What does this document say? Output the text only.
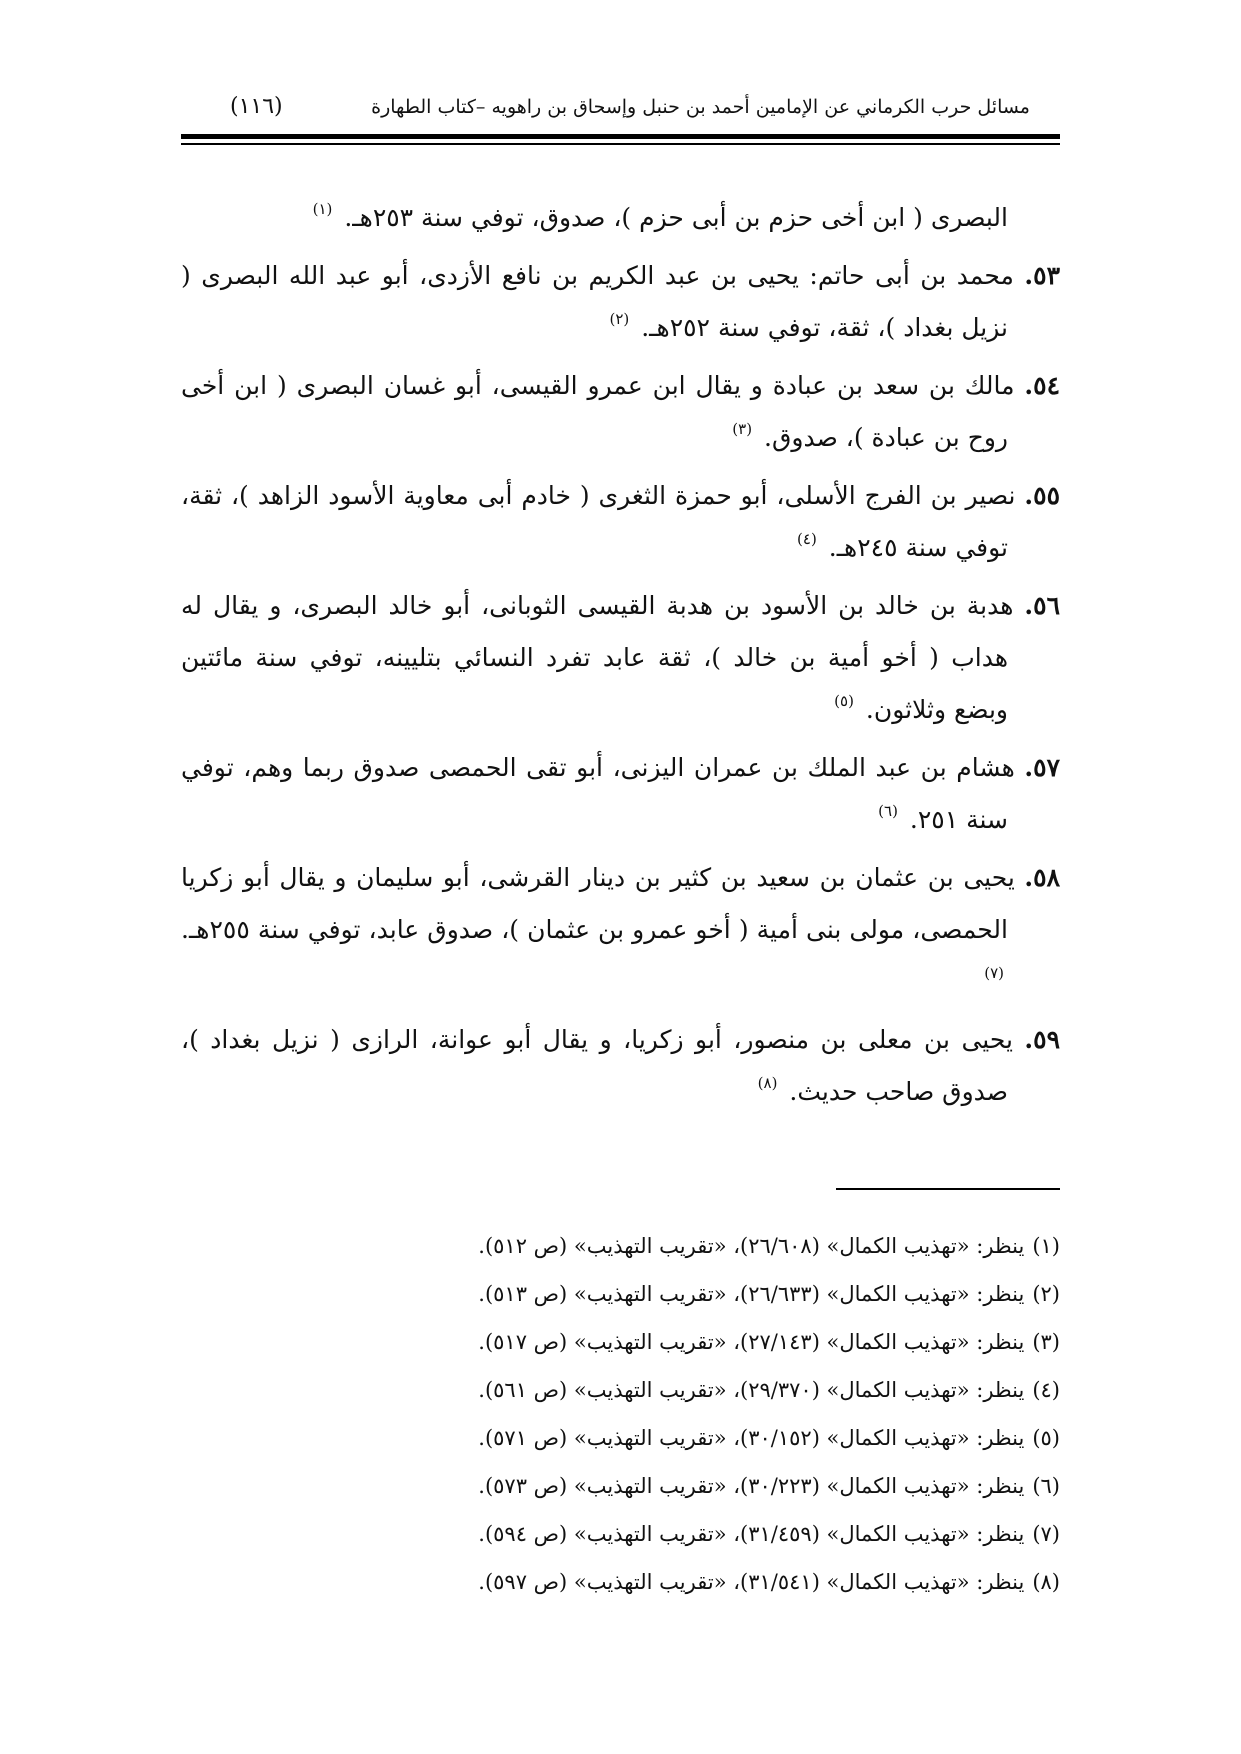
مسائل حرب الكرماني عن الإمامين أحمد بن حنبل وإسحاق بن راهويه –كتاب الطهارة
(١١٦)

البصرى ( ابن أخى حزم بن أبى حزم )، صدوق، توفي سنة ٢٥٣هـ. $^{(١)}$

٥٣. محمد بن أبى حاتم: يحيى بن عبد الكريم بن نافع الأزدى، أبو عبد الله البصرى ( نزيل بغداد )، ثقة، توفي سنة ٢٥٢هـ. $^{(٢)}$

٥٤. مالك بن سعد بن عبادة و يقال ابن عمرو القيسى، أبو غسان البصرى ( ابن أخى روح بن عبادة )، صدوق. $^{(٣)}$

٥٥. نصير بن الفرج الأسلى، أبو حمزة الثغرى ( خادم أبى معاوية الأسود الزاهد )، ثقة، توفي سنة ٢٤٥هـ. $^{(٤)}$

٥٦. هدبة بن خالد بن الأسود بن هدبة القيسى الثوبانى، أبو خالد البصرى، و يقال له هداب ( أخو أمية بن خالد )، ثقة عابد تفرد النسائي بتليينه، توفي سنة مائتين وبضع وثلاثون. $^{(٥)}$

٥٧. هشام بن عبد الملك بن عمران اليزنى، أبو تقى الحمصى صدوق ربما وهم، توفي سنة ٢٥١. $^{(٦)}$

٥٨. يحيى بن عثمان بن سعيد بن كثير بن دينار القرشى، أبو سليمان و يقال أبو زكريا الحمصى، مولى بنى أمية ( أخو عمرو بن عثمان )، صدوق عابد، توفي سنة ٢٥٥هـ. $^{(٧)}$

٥٩. يحيى بن معلى بن منصور، أبو زكريا، و يقال أبو عوانة، الرازى ( نزيل بغداد )، صدوق صاحب حديث. $^{(٨)}$

(١)ينظر: «تهذيب الكمال» (٢٦/٦٠٨)، «تقريب التهذيب» (ص ٥١٢).
(٢)ينظر: «تهذيب الكمال» (٢٦/٦٣٣)، «تقريب التهذيب» (ص ٥١٣).
(٣)ينظر: «تهذيب الكمال» (٢٧/١٤٣)، «تقريب التهذيب» (ص ٥١٧).
(٤)ينظر: «تهذيب الكمال» (٢٩/٣٧٠)، «تقريب التهذيب» (ص ٥٦١).
(٥)ينظر: «تهذيب الكمال» (٣٠/١٥٢)، «تقريب التهذيب» (ص ٥٧١).
(٦)ينظر: «تهذيب الكمال» (٣٠/٢٢٣)، «تقريب التهذيب» (ص ٥٧٣).
(٧)ينظر: «تهذيب الكمال» (٣١/٤٥٩)، «تقريب التهذيب» (ص ٥٩٤).
(٨)ينظر: «تهذيب الكمال» (٣١/٥٤١)، «تقريب التهذيب» (ص ٥٩٧).
